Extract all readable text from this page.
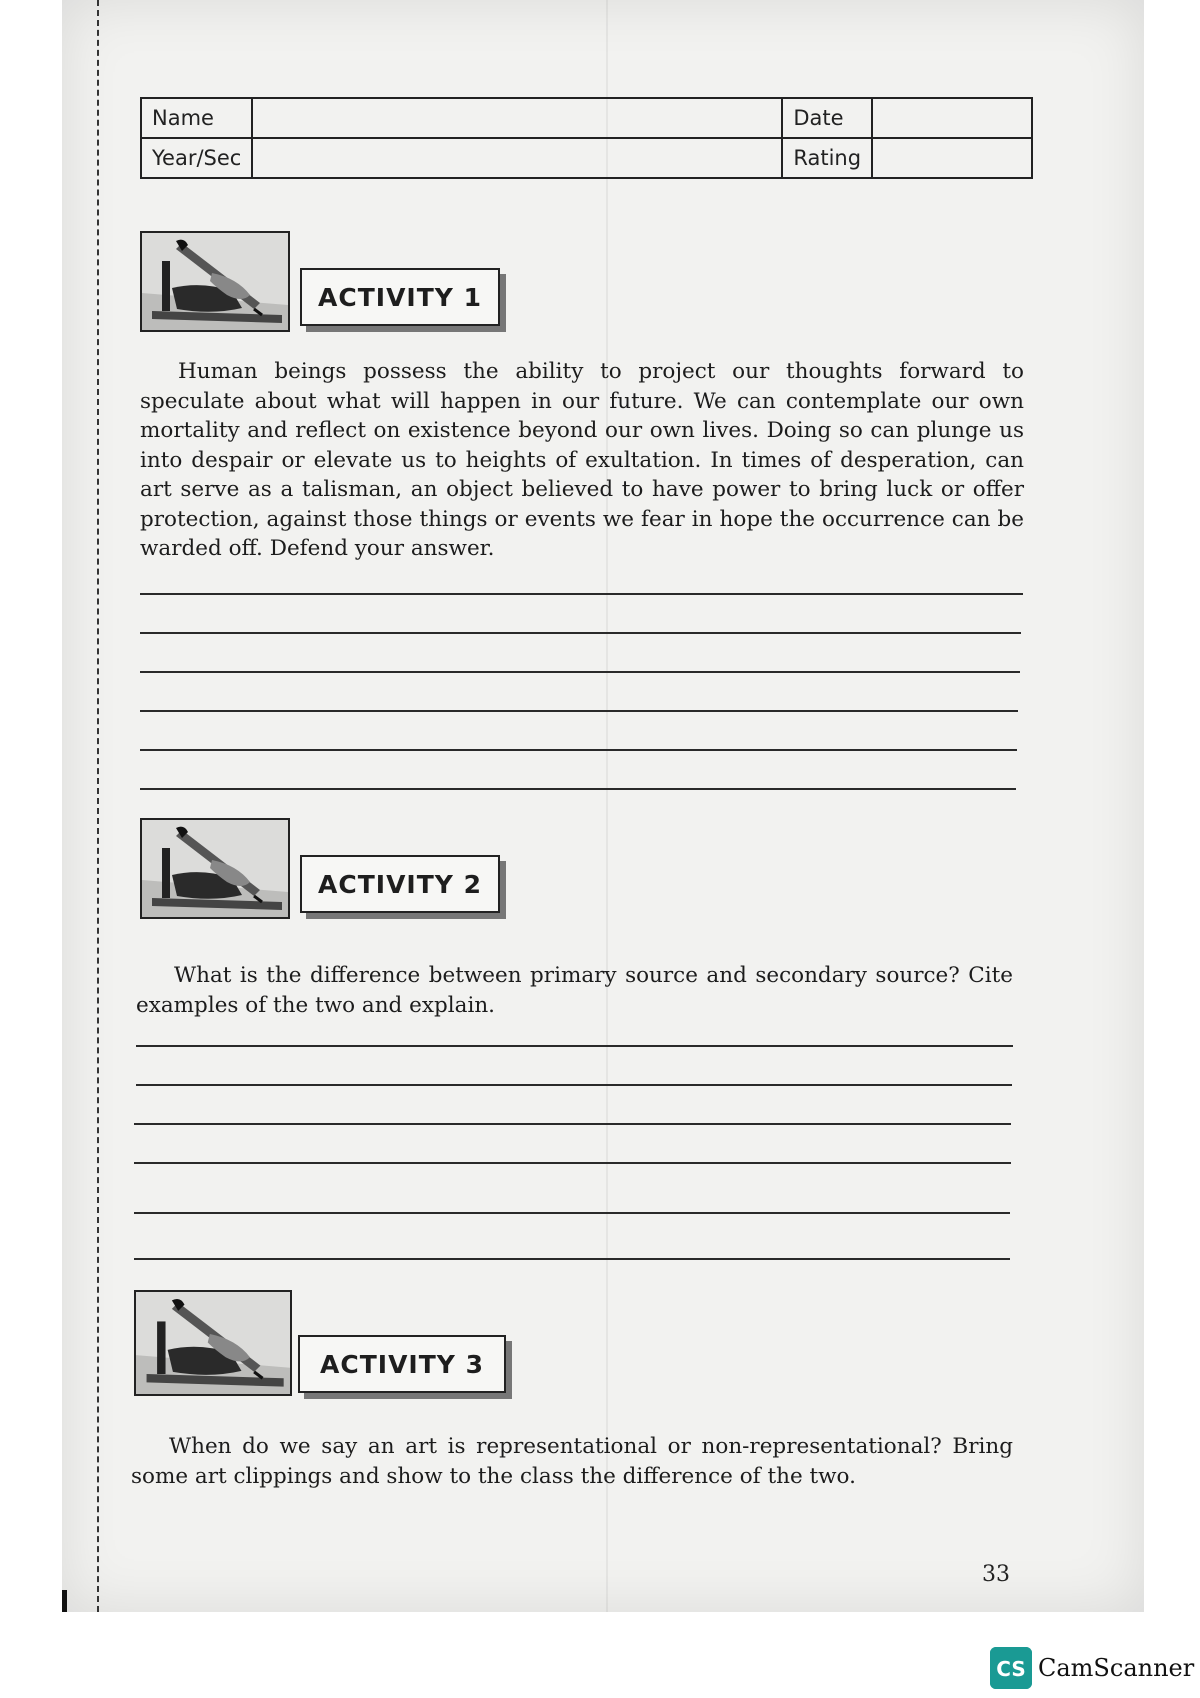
Name		Date	
Year/Sec		Rating	
ACTIVITY 1

Human beings possess the ability to project our thoughts forward to speculate about what will happen in our future. We can contemplate our own mortality and reflect on existence beyond our own lives. Doing so can plunge us into despair or elevate us to heights of exultation. In times of desperation, can art serve as a talisman, an object believed to have power to bring luck or offer protection, against those things or events we fear in hope the occurrence can be warded off. Defend your answer.

ACTIVITY 2

What is the difference between primary source and secondary source? Cite examples of the two and explain.

ACTIVITY 3

When do we say an art is representational or non-representational? Bring some art clippings and show to the class the difference of the two.

33
CS CamScanner
